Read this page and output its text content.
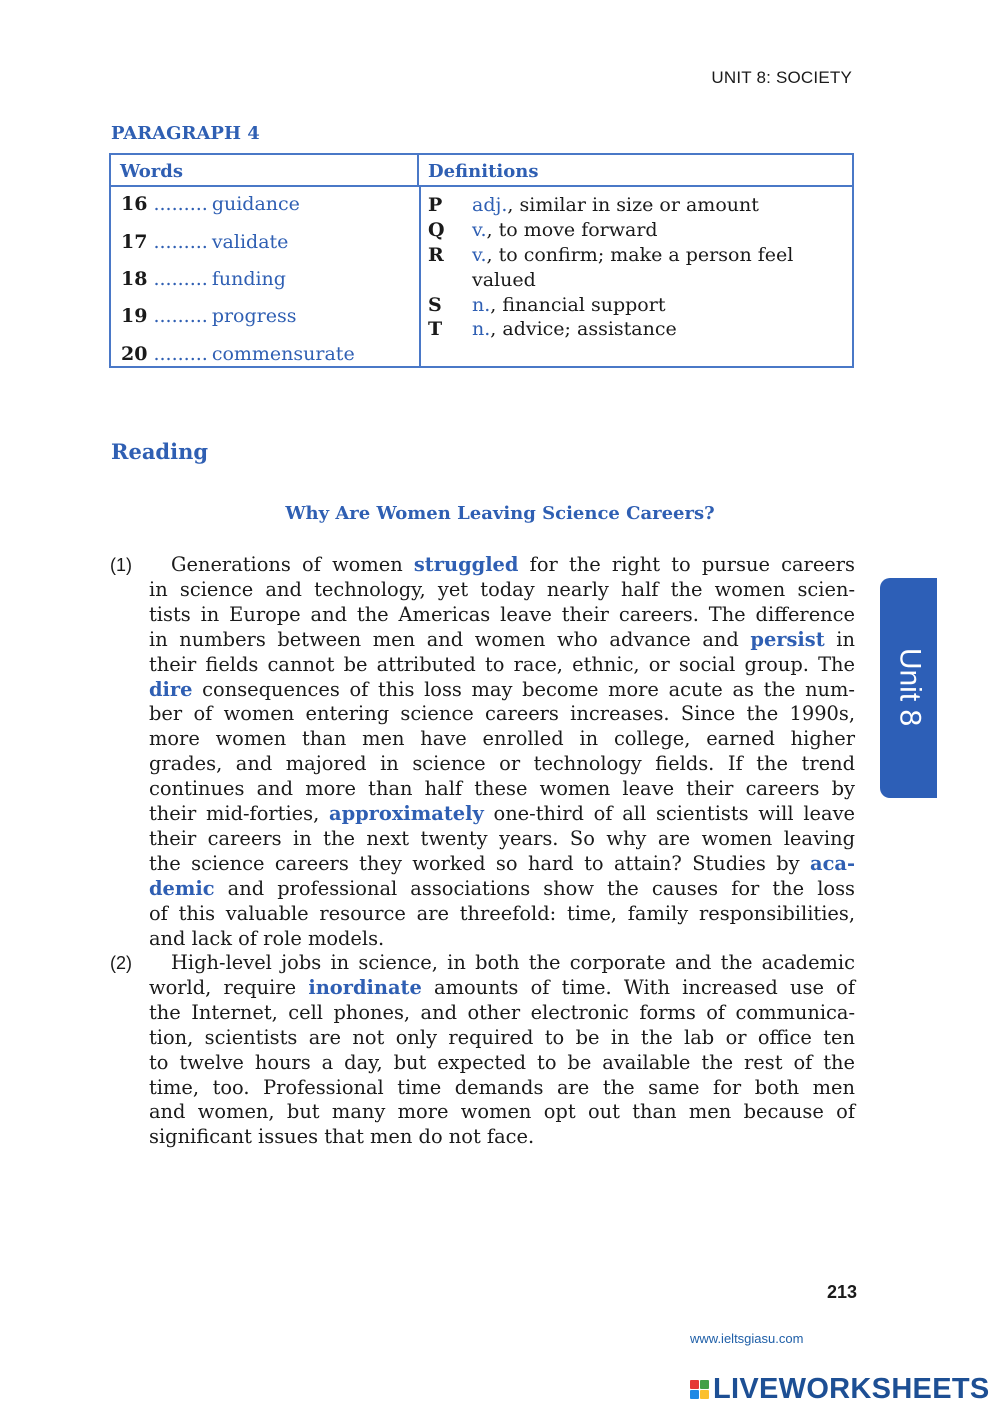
UNIT 8: SOCIETY
PARAGRAPH 4
Words	Definitions
16 ......... guidance
17 ......... validate
18 ......... funding
19 ......... progress
20 ......... commensurate
P adj., similar in size or amount
Q v., to move forward
R v., to confirm; make a person feel
valued
S n., financial support
T n., advice; assistance
Reading
Why Are Women Leaving Science Careers?
(1) Generations of women struggled for the right to pursue careers
in science and technology, yet today nearly half the women scien-
tists in Europe and the Americas leave their careers. The difference
in numbers between men and women who advance and persist in
their fields cannot be attributed to race, ethnic, or social group. The
dire consequences of this loss may become more acute as the num-
ber of women entering science careers increases. Since the 1990s,
more women than men have enrolled in college, earned higher
grades, and majored in science or technology fields. If the trend
continues and more than half these women leave their careers by
their mid-forties, approximately one-third of all scientists will leave
their careers in the next twenty years. So why are women leaving
the science careers they worked so hard to attain? Studies by aca-
demic and professional associations show the causes for the loss
of this valuable resource are threefold: time, family responsibilities,
and lack of role models.
(2) High-level jobs in science, in both the corporate and the academic
world, require inordinate amounts of time. With increased use of
the Internet, cell phones, and other electronic forms of communica-
tion, scientists are not only required to be in the lab or office ten
to twelve hours a day, but expected to be available the rest of the
time, too. Professional time demands are the same for both men
and women, but many more women opt out than men because of
significant issues that men do not face.
Unit 8
213
www.ieltsgiasu.com
LIVEWORKSHEETS
